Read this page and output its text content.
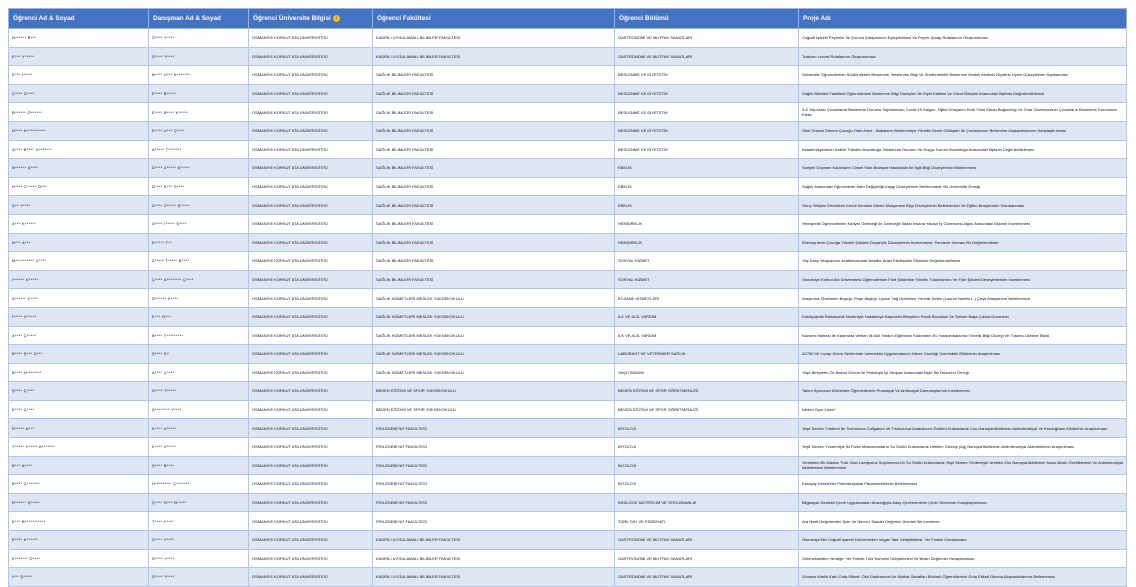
Öğrenci Ad & Soyad	Danışman Ad & Soyad	Öğrenci Üniversite Bilgisi ↓	Öğrenci Fakültesi	Öğrenci Bölümü	Proje Adı
N****** B***	Ö**** Y****	OSMANİYE KORKUT ATA ÜNİVERSİTESİ	KADİRLİ UYGULAMALI BİLİMLER FAKÜLTESİ	GASTRONOMİ VE MUTFAK SANATLARI	Coğrafi İşaretli Peynirler İle Şırınca Şaraplarının Eşleştirilmesi Ve Peynir-Şarap Rotalarının Oluşturulması
E*** Y*****	Ö**** Y****	OSMANİYE KORKUT ATA ÜNİVERSİTESİ	KADİRLİ UYGULAMALI BİLİMLER FAKÜLTESİ	GASTRONOMİ VE MUTFAK SANATLARI	Trabzon Lezzet Rotalarının Oluşturulması
E*** İ*****	B**** U*** K*******	OSMANİYE KORKUT ATA ÜNİVERSİTESİ	SAĞLIK BİLİMLERİ FAKÜLTESİ	BESLENME VE DİYETETİK	Üniversite Öğrencilerinin Sürdürülebilir Beslenme, Beslenme Bilgi Ve Sürdürülebilir Beslenme Modeli Akdeniz Diyetine Uyum Düzeylerinin Saptanması
Ç**** D****	E**** B*****	OSMANİYE KORKUT ATA ÜNİVERSİTESİ	SAĞLIK BİLİMLERİ FAKÜLTESİ	BESLENME VE DİYETETİK	Sağlık Bilimleri Fakültesi Öğrencilerinin Beslenme Bilgi Düzeyleri İle Diyet Kalitesi Ve Vücut Bileşimi Arasındaki İlişkinin Değerlendirilmesi
B****** Ö******	E**** B**** K*****	OSMANİYE KORKUT ATA ÜNİVERSİTESİ	SAĞLIK BİLİMLERİ FAKÜLTESİ	BESLENME VE DİYETETİK	3-5 Yaş Arası Çocuklarda Beslenme Durumu Saptanması; Covid-19 Salgını, Dijital Dünyanın Kötü Yüzü Ekran Bağımlılığı Ve Gıda Güvencesinin Çocukların Beslenme Durumuna Etkisi
H**** K**********	E**** U*** Ç****	OSMANİYE KORKUT ATA ÜNİVERSİTESİ	SAĞLIK BİLİMLERİ FAKÜLTESİ	BESLENME VE DİYETETİK	Okul Öncesi Dönem Çocuğu Olan Anne - Babaların Beslenmeye Yönelik Genel Görüşleri İle Çocuklarının Beslenme Alışkanlıklarının Karşılaştırılması
A**** B**** G*******	A***** T*******	OSMANİYE KORKUT ATA ÜNİVERSİTESİ	SAĞLIK BİLİMLERİ FAKÜLTESİ	BESLENME VE DİYETETİK	Akademisyenlerin Kafein Tüketim Bozukluğu, Beslenme Durumu Ve Duygu Durum Bozukluğu Arasındaki İlişkinin Değerlendirilmesi
N****** Ş****	D**** Z***** Ş*****	OSMANİYE KORKUT ATA ÜNİVERSİTESİ	SAĞLIK BİLİMLERİ FAKÜLTESİ	EBELİK	Suriyeli Göçmen Kadınların Cinsel Yolla Bulaşan Hastalıklar İle İlgili Bilgi Düzeylerinin Belirlenmesi
D**** C***** Ö***	D**** K*** S****	OSMANİYE KORKUT ATA ÜNİVERSİTESİ	SAĞLIK BİLİMLERİ FAKÜLTESİ	EBELİK	Sağlık Alanındaki Öğrencilerin İklim Değişikliği Kaygı Düzeylerinin Belirlenmesi: Bir Üniversite Örneği
Ş** Y****	D**** Z***** Ş*****	OSMANİYE KORKUT ATA ÜNİVERSİTESİ	SAĞLIK BİLİMLERİ FAKÜLTESİ	EBELİK	Genç Yetişkin Erkeklerin Kendi Kendine Meme Muayenesi Bilgi Düzeylerinin Belirlenmesi Ve Eğitim Broşürünün Hazırlanması
A*** K******	Ö**** İ***** Ş****	OSMANİYE KORKUT ATA ÜNİVERSİTESİ	SAĞLIK BİLİMLERİ FAKÜLTESİ	HEMŞİRELİK	Hemşirelik Öğrencilerinin Kariyer Geleceği İle Geleceğe İlişkin İnsana Yakışır İş Güvencesi Algısı Arasındaki İlişkinin İncelenmesi
N*** A***	E***** T**	OSMANİYE KORKUT ATA ÜNİVERSİTESİ	SAĞLIK BİLİMLERİ FAKÜLTESİ	HEMŞİRELİK	Ebeveynlerin Çocuğa Yönelik Şiddete Duyarlılık Düzeylerinin İncelenmesi: Pandemi Sonrası Bir Değerlendirme
M********** Ç****	Z***** T***** B****	OSMANİYE KORKUT ATA ÜNİVERSİTESİ	SAĞLIK BİLİMLERİ FAKÜLTESİ	SOSYAL HİZMET	Yaş Kalıp Yargılarının Azaltılmasında Nesiller Arası Etkileşimin Etkisinin Değerlendirilmesi
İ****** K*****	Ç**** A******** Ç****	OSMANİYE KORKUT ATA ÜNİVERSİTESİ	SAĞLIK BİLİMLERİ FAKÜLTESİ	SOSYAL HİZMET	Osmaniye Korkut Ata Üniversitesi Öğrencilerinin Flört Şiddetine Yönelik Tutumlarının Ve Flört Şiddeti Deneyimlerinin İncelenmesi
A****** Ç****	Ö****** K****	OSMANİYE KORKUT ATA ÜNİVERSİTESİ	SAĞLIK HİZMETLERİ MESLEK YÜKSEKOKULU	ECZANE HİZMETLERİ	Araştırma Önerisinin Başlığı: Proje Başlığı: Uçucu Yağ Üretimine Yönelik Defne (Laurus Nobilis L.) Çeşit Adaylarının Belirlenmesi
İ***** K*****	E*** Ö***	OSMANİYE KORKUT ATA ÜNİVERSİTESİ	SAĞLIK HİZMETLERİ MESLEK YÜKSEKOKULU	İLK VE ACİL YARDIM	Kardiyojenik Rahatsızlık Nedeniyle Hastaneye Başvuran Bireylerin Panik Bozukluk Ve Stresle Başa Çıkma Durumları
A**** Ç*****	B**** T*********	OSMANİYE KORKUT ATA ÜNİVERSİTESİ	SAĞLIK HİZMETLERİ MESLEK YÜKSEKOKULU	İLK VE ACİL YARDIM	Kavram Haritası İle Kadınlara Verilen İlk Acil Yardım Eğitiminin Kadınların Ev Yaralanmalarına Yönelik Bilgi Düzeyi Ve Tutumu Üzerine Etkisi
B**** Ş*** D***	Ş**** Ö*	OSMANİYE KORKUT ATA ÜNİVERSİTESİ	SAĞLIK HİZMETLERİ MESLEK YÜKSEKOKULU	LABORANT VE VETERİNER SAĞLIK	A2780 Ve Lncap Hücre Serilerinde İvermektin Uygulamasının Hücre Canlılığı Üzerindeki Etkilerinin Araştırılması
B**** H********	A**** Ç****	OSMANİYE KORKUT ATA ÜNİVERSİTESİ	SAĞLIK HİZMETLERİ MESLEK YÜKSEKOKULU	YAŞLI BAKIMI	Yaşlı Bireylerin Öz Bakım Gücün İle Psikolojik İyi Oluşları Arasındaki İlişki: Bir Huzurevi Örneği
Ş**** Ç****	Ö**** T*****	OSMANİYE KORKUT ATA ÜNİVERSİTESİ	BEDEN EĞİTİMİ VE SPOR YÜKSEKOKULU	BEDEN EĞİTİMİ VE SPOR ÖĞRETMENLİĞİ	Takım Sporcusu Üniversite Öğrencilerinin Prososyal Ve Antisosyal Davranışlarının İncelenmesi
E**** Ç****	Ş******** Y****	OSMANİYE KORKUT ATA ÜNİVERSİTESİ	BEDEN EĞİTİMİ VE SPOR YÜKSEKOKULU	BEDEN EĞİTİMİ VE SPOR ÖĞRETMENLİĞİ	Neden Spor Lises?
R***** A***	K**** V*****	OSMANİYE KORKUT ATA ÜNİVERSİTESİ	FEN-EDEBİYAT FAKÜLTESİ	BİYOLOJİ	Yeşil Sentez Yöntemi İle Tricholoma Caligatum Ve Tricholoma Anatolicum Özütleri Kullanılarak Cuo Nanopartiküllerinin Antimikrobiyal Ve Ksenojjıtare Etkilerinin Araştırılması
Y***** Y***** A*******	K**** V*****	OSMANİYE KORKUT ATA ÜNİVERSİTESİ	FEN-EDEBİYAT FAKÜLTESİ	BİYOLOJİ	Yeşil Sentez Yöntemiyle İki Farklı Makromantarın Su Özütü Kullanılarak Üretilen Gümüş (Ag) Nanopartiküllerinin Antimikrobiyal Aktivitelerinin Araştırılması
B*** A****	Ş**** B****	OSMANİYE KORKUT ATA ÜNİVERSİTESİ	FEN-EDEBİYAT FAKÜLTESİ	BİYOLOJİ	Yenebilen Bir Mantar Türü Olan Laetiporus Sulphureus'Un Su Özütü Kullanılarak Yeşil Sentez Yöntemiyle Üretilen Zno Nanopartiküllerinin Nano-Besin Özelliklerinin Ve Antimikrobiyal Aktivitesinin Belirlenmesi
B**** Ç*******	H********* Ç*******	OSMANİYE KORKUT ATA ÜNİVERSİTESİ	FEN-EDEBİYAT FAKÜLTESİ	BİYOLOJİ	Karaçay Deresi'Nin Fizikokimyasal Parametrelerinin Belirlenmesi
R****** Ş*****	Ş**** Ö*** B*****	OSMANİYE KORKUT ATA ÜNİVERSİTESİ	FEN-EDEBİYAT FAKÜLTESİ	İNGİLİZCE MÜTERCİM VE TERCÜMANLIK	Bilgisayar Destekli Çeviri Uygulamaları Aracılığıyla Aday Çevirmenlerin Çeviri Sürecinin Kolaylaştırılması
E*** B***********	T**** Y****	OSMANİYE KORKUT ATA ÜNİVERSİTESİ	FEN-EDEBİYAT FAKÜLTESİ	TÜRK DİLİ VE EDEBİYATI	Ara Nesil Değerlerden Şule Ve Necm-İ Saadet Değerleri Üzerine Bir İnceleme
E**** K******	S**** Y****	OSMANİYE KORKUT ATA ÜNİVERSİTESİ	KADİRLİ UYGULAMALI BİLİMLER FAKÜLTESİ	GASTRONOMİ VE MUTFAK SANATLARI	Osmaniye'Nin Coğrafi İşaretli Ürünlerinden Vegan Tatlı Geliştirilmesi: Yer Fıstıklı Cheesecake
K******* Ö****	Ö**** Y****	OSMANİYE KORKUT ATA ÜNİVERSİTESİ	KADİRLİ UYGULAMALI BİLİMLER FAKÜLTESİ	GASTRONOMİ VE MUTFAK SANATLARI	Gelenekselden Yeniliğe: Yer Fıstıklı Türk Kahvesi Geliştirilmesi Ve Besin Değerinin Hesaplanması
İ*** Ş*****	Ö**** Y****	OSMANİYE KORKUT ATA ÜNİVERSİTESİ	KADİRLİ UYGULAMALI BİLİMLER FAKÜLTESİ	GASTRONOMİ VE MUTFAK SANATLARI	Gıdanın Kimlik Kartı Gıda Etiketi: Okü Gastronomi Ve Mutfak Sanatları Bölümü Öğrencilerinin Gıda Etiketi Okuma Alışkanlıklarının Belirlenmesi
